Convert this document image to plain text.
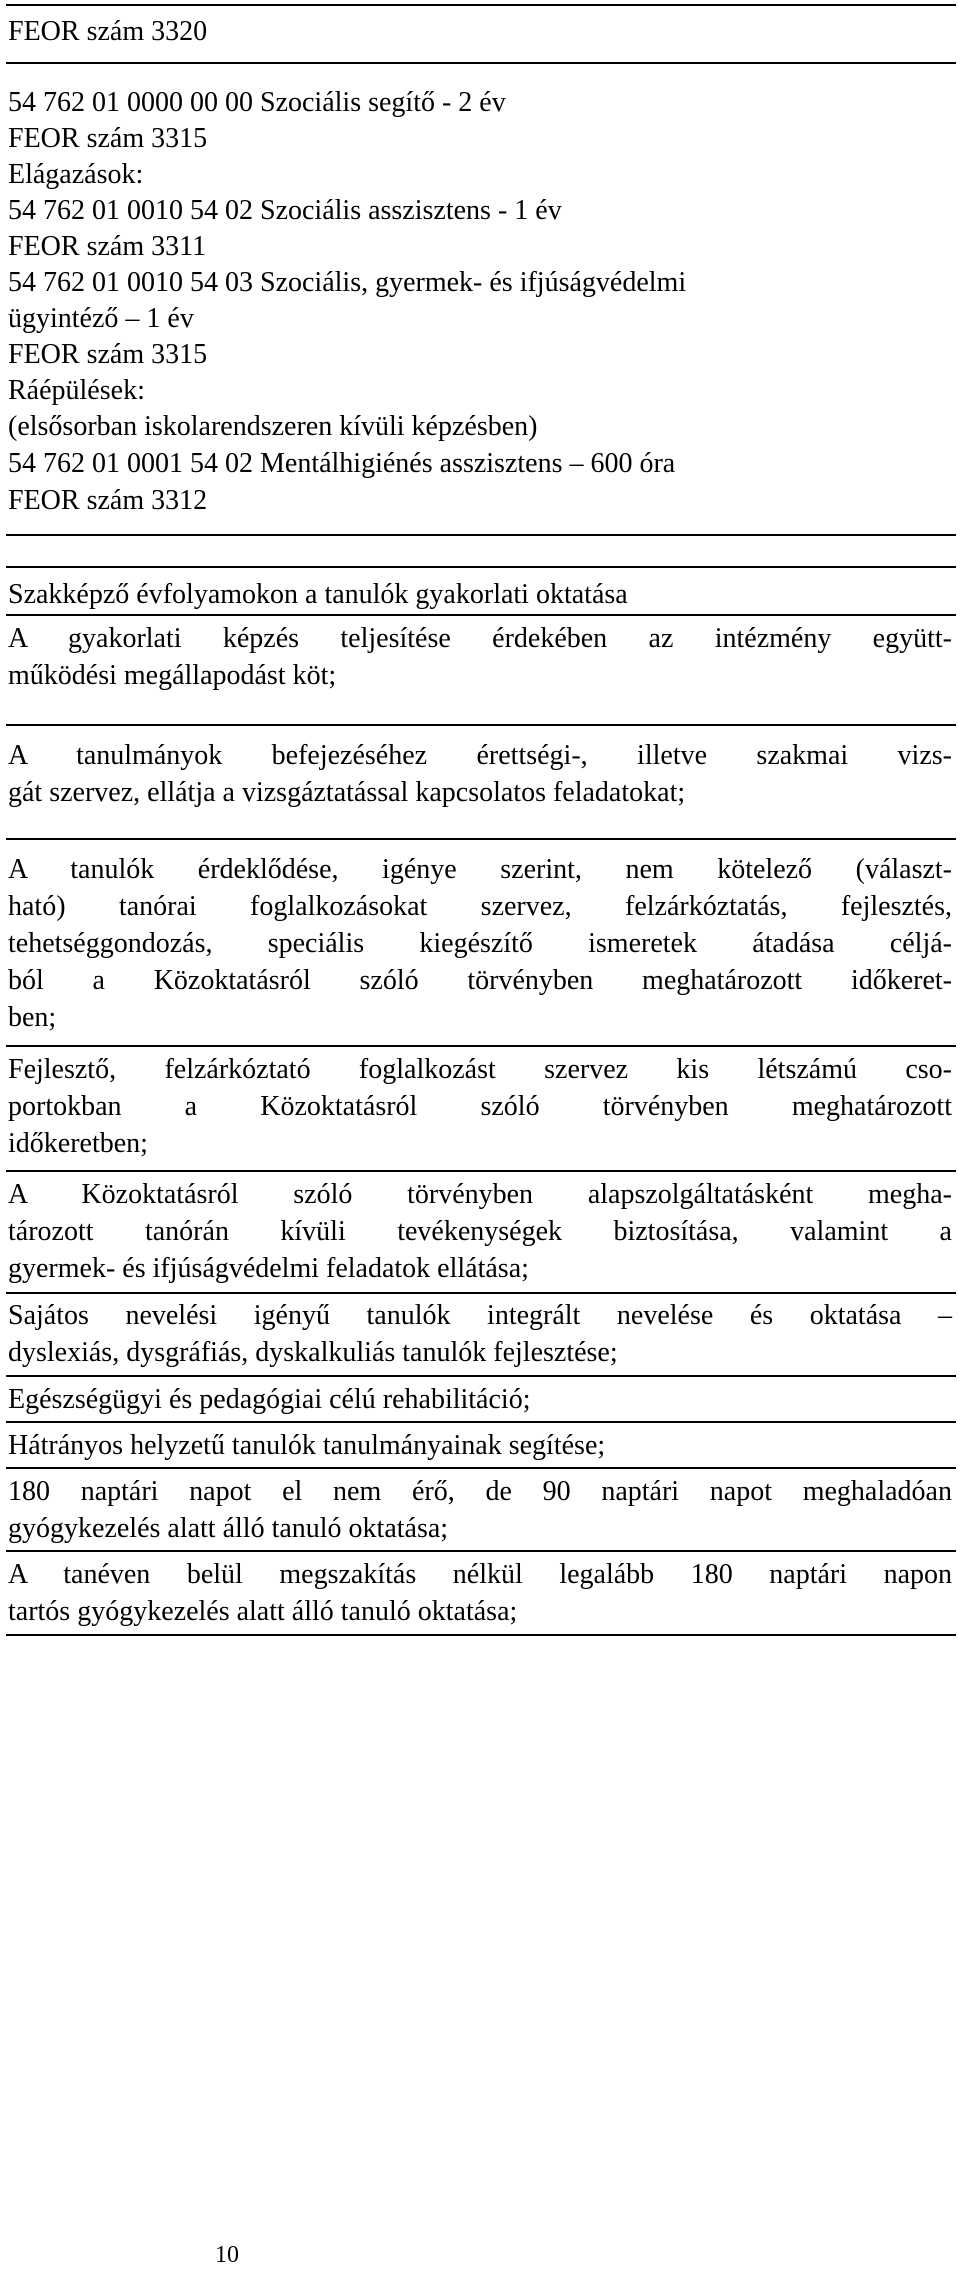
FEOR szám 3320
54 762 01 0000 00 00 Szociális segítő - 2 év
FEOR szám 3315
Elágazások:
54 762 01 0010 54 02 Szociális asszisztens - 1 év
FEOR szám 3311
54 762 01 0010 54 03 Szociális, gyermek- és ifjúságvédelmi
ügyintéző – 1 év
FEOR szám 3315
Ráépülések:
(elsősorban iskolarendszeren kívüli képzésben)
54 762 01 0001 54 02 Mentálhigiénés asszisztens – 600 óra
FEOR szám 3312
Szakképző évfolyamokon a tanulók gyakorlati oktatása
A gyakorlati képzés teljesítése érdekében az intézmény együtt-
működési megállapodást köt;
A tanulmányok befejezéséhez érettségi-, illetve szakmai vizs-
gát szervez, ellátja a vizsgáztatással kapcsolatos feladatokat;
A tanulók érdeklődése, igénye szerint, nem kötelező (választ-
ható) tanórai foglalkozásokat szervez, felzárkóztatás, fejlesztés,
tehetséggondozás, speciális kiegészítő ismeretek átadása céljá-
ból a Közoktatásról szóló törvényben meghatározott időkeret-
ben;
Fejlesztő, felzárkóztató foglalkozást szervez kis létszámú cso-
portokban a Közoktatásról szóló törvényben meghatározott
időkeretben;
A Közoktatásról szóló törvényben alapszolgáltatásként megha-
tározott tanórán kívüli tevékenységek biztosítása, valamint a
gyermek- és ifjúságvédelmi feladatok ellátása;
Sajátos nevelési igényű tanulók integrált nevelése és oktatása –
dyslexiás, dysgráfiás, dyskalkuliás tanulók fejlesztése;
Egészségügyi és pedagógiai célú rehabilitáció;
Hátrányos helyzetű tanulók tanulmányainak segítése;
180 naptári napot el nem érő, de 90 naptári napot meghaladóan
gyógykezelés alatt álló tanuló oktatása;
A tanéven belül megszakítás nélkül legalább 180 naptári napon
tartós gyógykezelés alatt álló tanuló oktatása;
10
